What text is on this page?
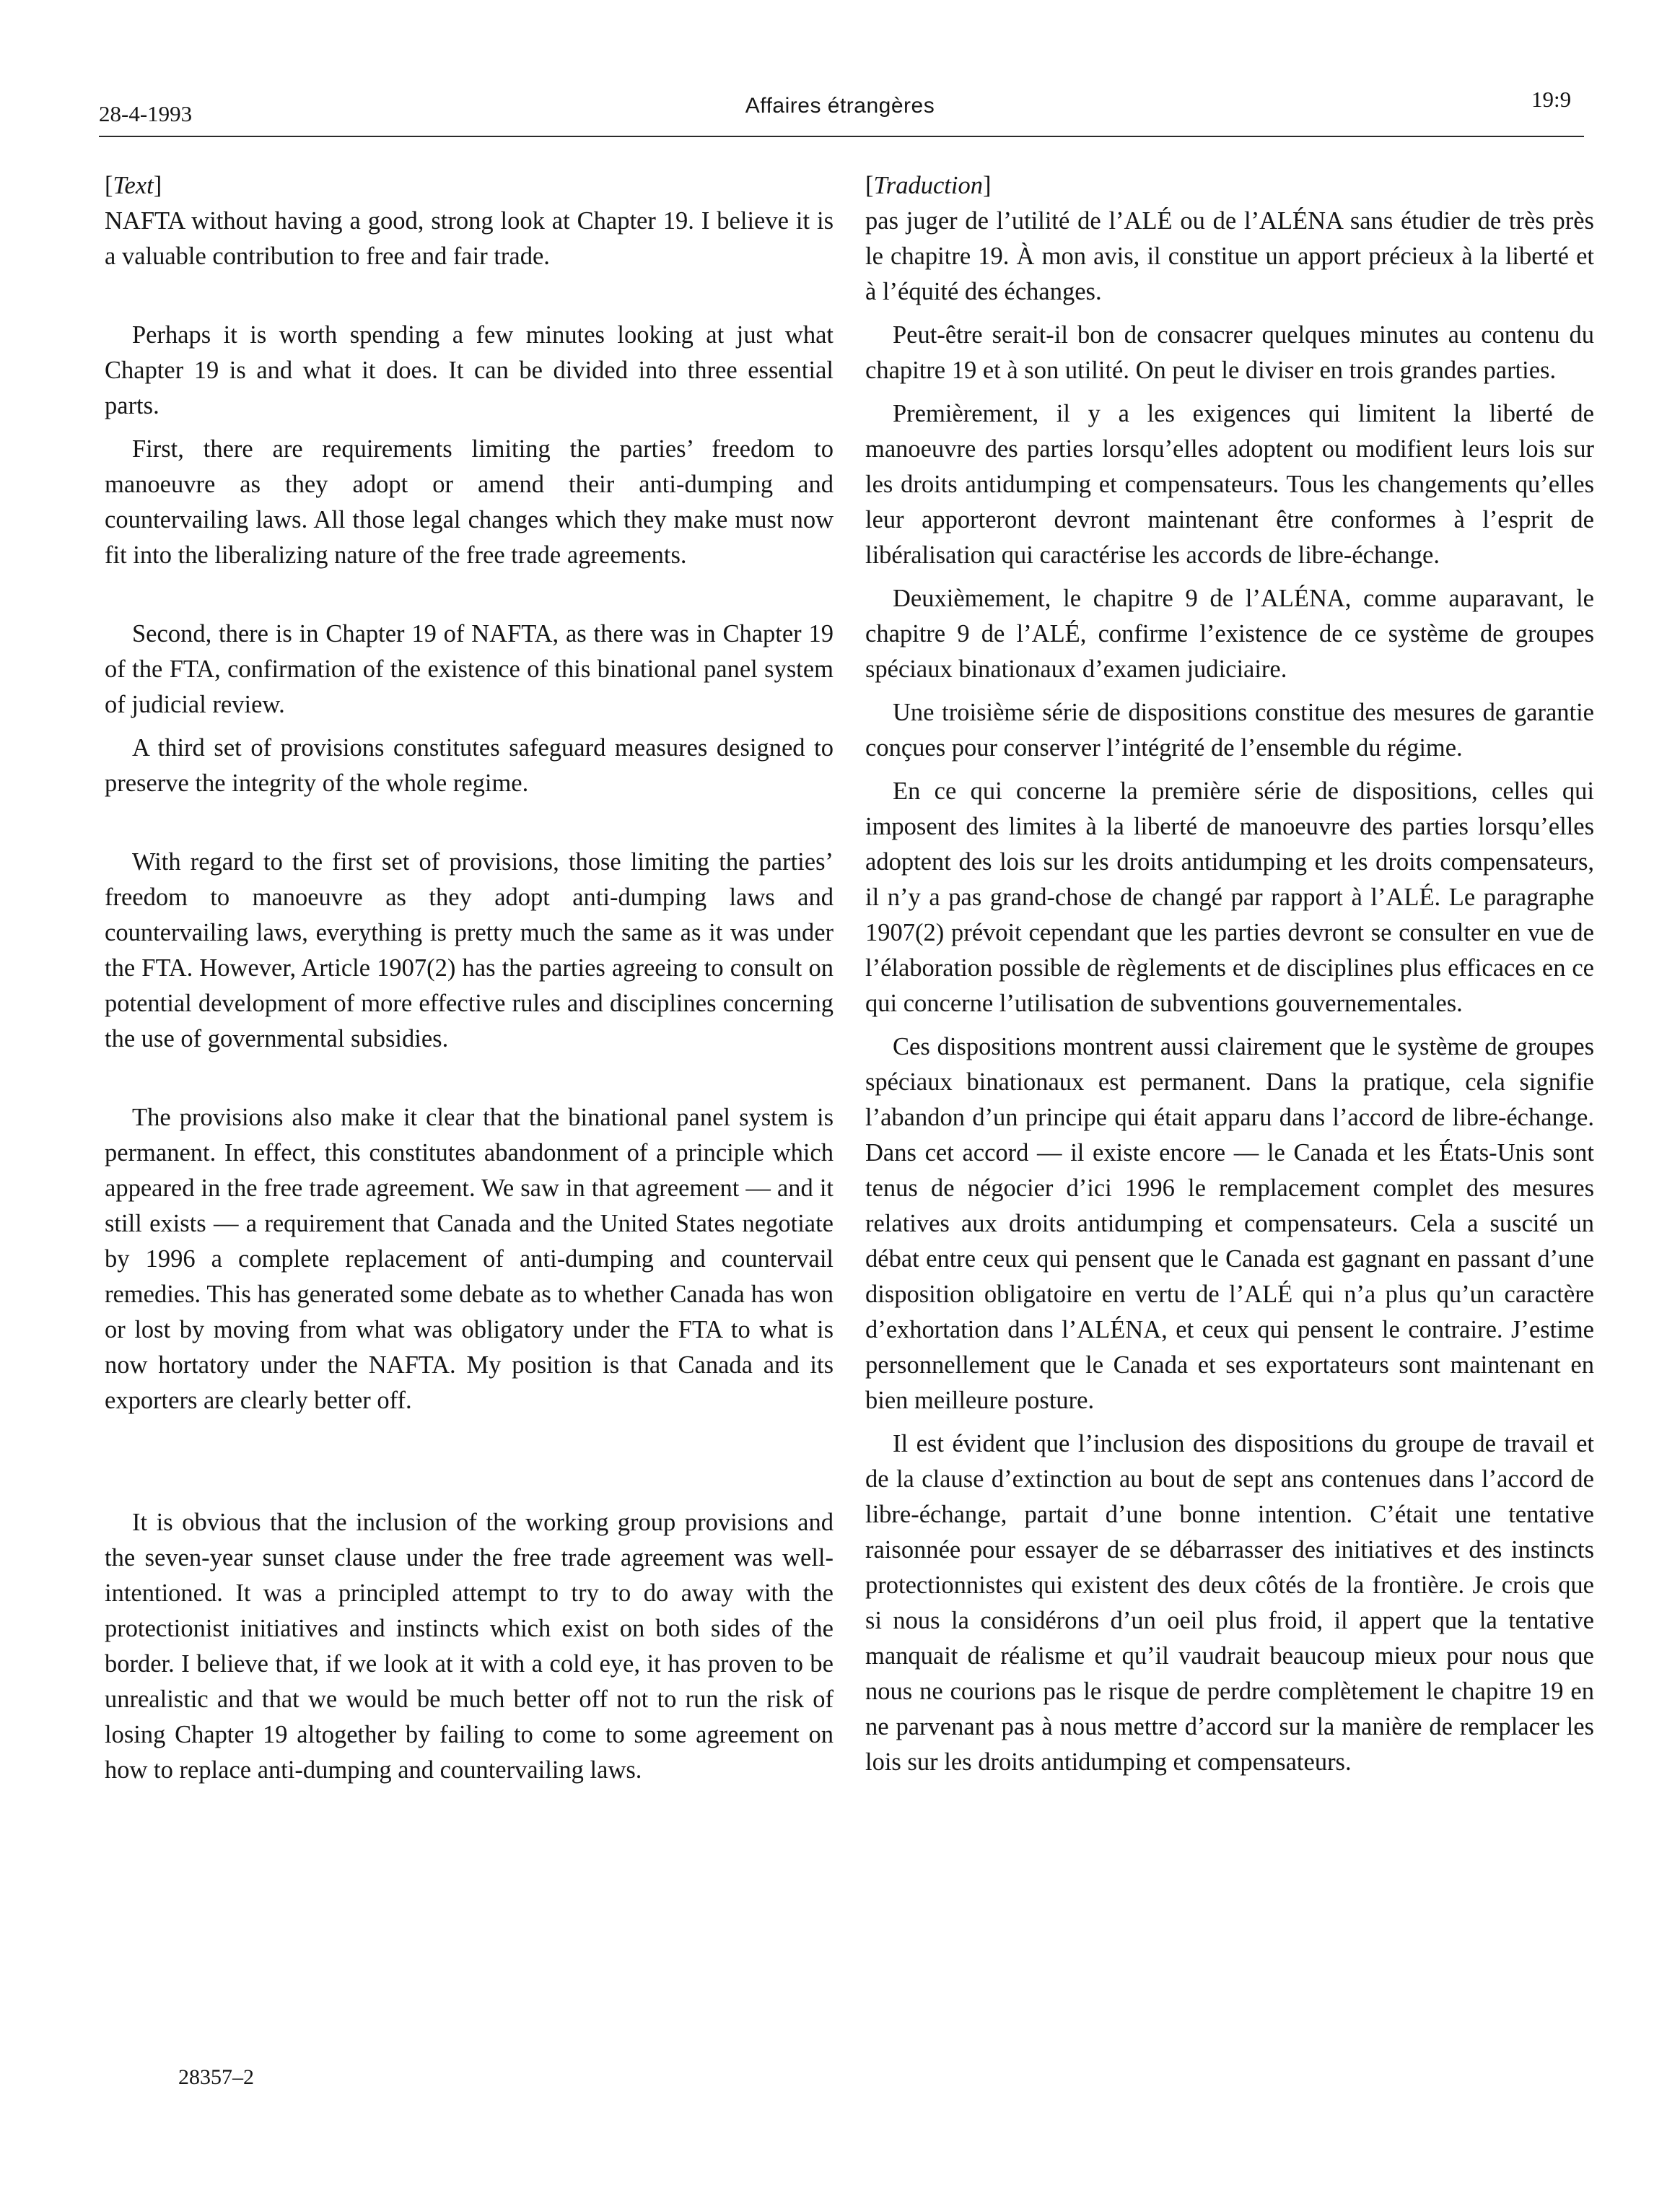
28-4-1993	Affaires étrangères	19:9
[Text]

NAFTA without having a good, strong look at Chapter 19. I believe it is a valuable contribution to free and fair trade.

Perhaps it is worth spending a few minutes looking at just what Chapter 19 is and what it does. It can be divided into three essential parts.

First, there are requirements limiting the parties’ freedom to manoeuvre as they adopt or amend their anti-dumping and countervailing laws. All those legal changes which they make must now fit into the liberalizing nature of the free trade agreements.

Second, there is in Chapter 19 of NAFTA, as there was in Chapter 19 of the FTA, confirmation of the existence of this binational panel system of judicial review.

A third set of provisions constitutes safeguard measures designed to preserve the integrity of the whole regime.

With regard to the first set of provisions, those limiting the parties’ freedom to manoeuvre as they adopt anti-dumping laws and countervailing laws, everything is pretty much the same as it was under the FTA. However, Article 1907(2) has the parties agreeing to consult on potential development of more effective rules and disciplines concerning the use of governmental subsidies.

The provisions also make it clear that the binational panel system is permanent. In effect, this constitutes abandonment of a principle which appeared in the free trade agreement. We saw in that agreement — and it still exists — a requirement that Canada and the United States negotiate by 1996 a complete replacement of anti-dumping and countervail remedies. This has generated some debate as to whether Canada has won or lost by moving from what was obligatory under the FTA to what is now hortatory under the NAFTA. My position is that Canada and its exporters are clearly better off.

It is obvious that the inclusion of the working group provisions and the seven-year sunset clause under the free trade agreement was well-intentioned. It was a principled attempt to try to do away with the protectionist initiatives and instincts which exist on both sides of the border. I believe that, if we look at it with a cold eye, it has proven to be unrealistic and that we would be much better off not to run the risk of losing Chapter 19 altogether by failing to come to some agreement on how to replace anti-dumping and countervailing laws.

[Traduction]

pas juger de l’utilité de l’ALÉ ou de l’ALÉNA sans étudier de très près le chapitre 19. À mon avis, il constitue un apport précieux à la liberté et à l’équité des échanges.

Peut-être serait-il bon de consacrer quelques minutes au contenu du chapitre 19 et à son utilité. On peut le diviser en trois grandes parties.

Premièrement, il y a les exigences qui limitent la liberté de manoeuvre des parties lorsqu’elles adoptent ou modifient leurs lois sur les droits antidumping et compensateurs. Tous les changements qu’elles leur apporteront devront maintenant être conformes à l’esprit de libéralisation qui caractérise les accords de libre-échange.

Deuxièmement, le chapitre 9 de l’ALÉNA, comme auparavant, le chapitre 9 de l’ALÉ, confirme l’existence de ce système de groupes spéciaux binationaux d’examen judiciaire.

Une troisième série de dispositions constitue des mesures de garantie conçues pour conserver l’intégrité de l’ensemble du régime.

En ce qui concerne la première série de dispositions, celles qui imposent des limites à la liberté de manoeuvre des parties lorsqu’elles adoptent des lois sur les droits antidumping et les droits compensateurs, il n’y a pas grand-chose de changé par rapport à l’ALÉ. Le paragraphe 1907(2) prévoit cependant que les parties devront se consulter en vue de l’élaboration possible de règlements et de disciplines plus efficaces en ce qui concerne l’utilisation de subventions gouvernementales.

Ces dispositions montrent aussi clairement que le système de groupes spéciaux binationaux est permanent. Dans la pratique, cela signifie l’abandon d’un principe qui était apparu dans l’accord de libre-échange. Dans cet accord — il existe encore — le Canada et les États-Unis sont tenus de négocier d’ici 1996 le remplacement complet des mesures relatives aux droits antidumping et compensateurs. Cela a suscité un débat entre ceux qui pensent que le Canada est gagnant en passant d’une disposition obligatoire en vertu de l’ALÉ qui n’a plus qu’un caractère d’exhortation dans l’ALÉNA, et ceux qui pensent le contraire. J’estime personnellement que le Canada et ses exportateurs sont maintenant en bien meilleure posture.

Il est évident que l’inclusion des dispositions du groupe de travail et de la clause d’extinction au bout de sept ans contenues dans l’accord de libre-échange, partait d’une bonne intention. C’était une tentative raisonnée pour essayer de se débarrasser des initiatives et des instincts protectionnistes qui existent des deux côtés de la frontière. Je crois que si nous la considérons d’un oeil plus froid, il appert que la tentative manquait de réalisme et qu’il vaudrait beaucoup mieux pour nous que nous ne courions pas le risque de perdre complètement le chapitre 19 en ne parvenant pas à nous mettre d’accord sur la manière de remplacer les lois sur les droits antidumping et compensateurs.

28357–2
